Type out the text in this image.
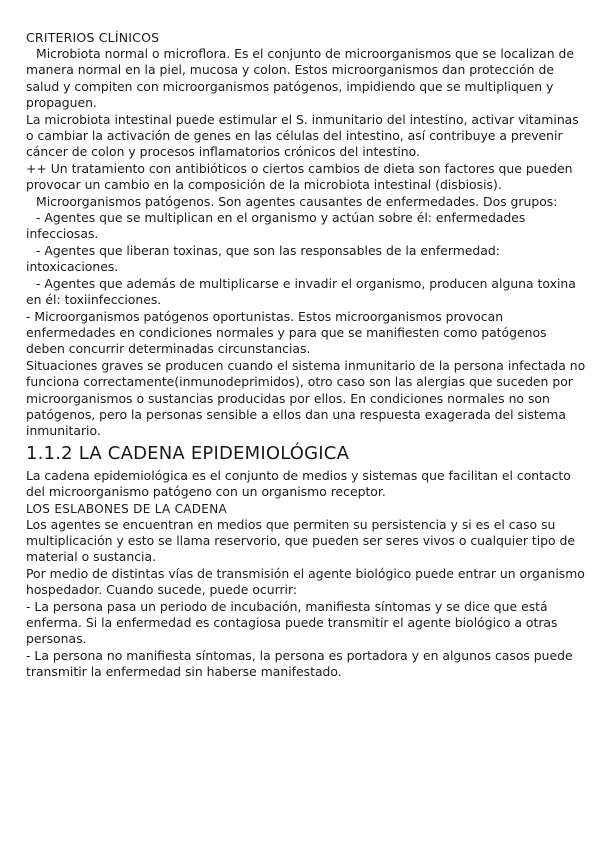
CRITERIOS CLÍNICOS

Microbiota normal o microflora. Es el conjunto de microorganismos que se localizan de manera normal en la piel, mucosa y colon. Estos microorganismos dan protección de salud y compiten con microorganismos patógenos, impidiendo que se multipliquen y propaguen.

La microbiota intestinal puede estimular el S. inmunitario del intestino, activar vitaminas o cambiar la activación de genes en las células del intestino, así contribuye a prevenir cáncer de colon y procesos inflamatorios crónicos del intestino.

++ Un tratamiento con antibióticos o ciertos cambios de dieta son factores que pueden provocar un cambio en la composición de la microbiota intestinal (disbiosis).

Microorganismos patógenos. Son agentes causantes de enfermedades. Dos grupos:

- Agentes que se multiplican en el organismo y actúan sobre él: enfermedades infecciosas.

- Agentes que liberan toxinas, que son las responsables de la enfermedad: intoxicaciones.

- Agentes que además de multiplicarse e invadir el organismo, producen alguna toxina en él: toxiinfecciones.

- Microorganismos patógenos oportunistas. Estos microorganismos provocan enfermedades en condiciones normales y para que se manifiesten como patógenos deben concurrir determinadas circunstancias.

Situaciones graves se producen cuando el sistema inmunitario de la persona infectada no funciona correctamente(inmunodeprimidos), otro caso son las alergias que suceden por microorganismos o sustancias producidas por ellos. En condiciones normales no son patógenos, pero la personas sensible a ellos dan una respuesta exagerada del sistema inmunitario.

1.1.2 LA CADENA EPIDEMIOLÓGICA

La cadena epidemiológica es el conjunto de medios y sistemas que facilitan el contacto del microorganismo patógeno con un organismo receptor.

LOS ESLABONES DE LA CADENA

Los agentes se encuentran en medios que permiten su persistencia y si es el caso su multiplicación y esto se llama reservorio, que pueden ser seres vivos o cualquier tipo de material o sustancia.

Por medio de distintas vías de transmisión el agente biológico puede entrar un organismo hospedador. Cuando sucede, puede ocurrir:

- La persona pasa un periodo de incubación, manifiesta síntomas y se dice que está enferma. Si la enfermedad es contagiosa puede transmitir el agente biológico a otras personas.

- La persona no manifiesta síntomas, la persona es portadora y en algunos casos puede transmitir la enfermedad sin haberse manifestado.
